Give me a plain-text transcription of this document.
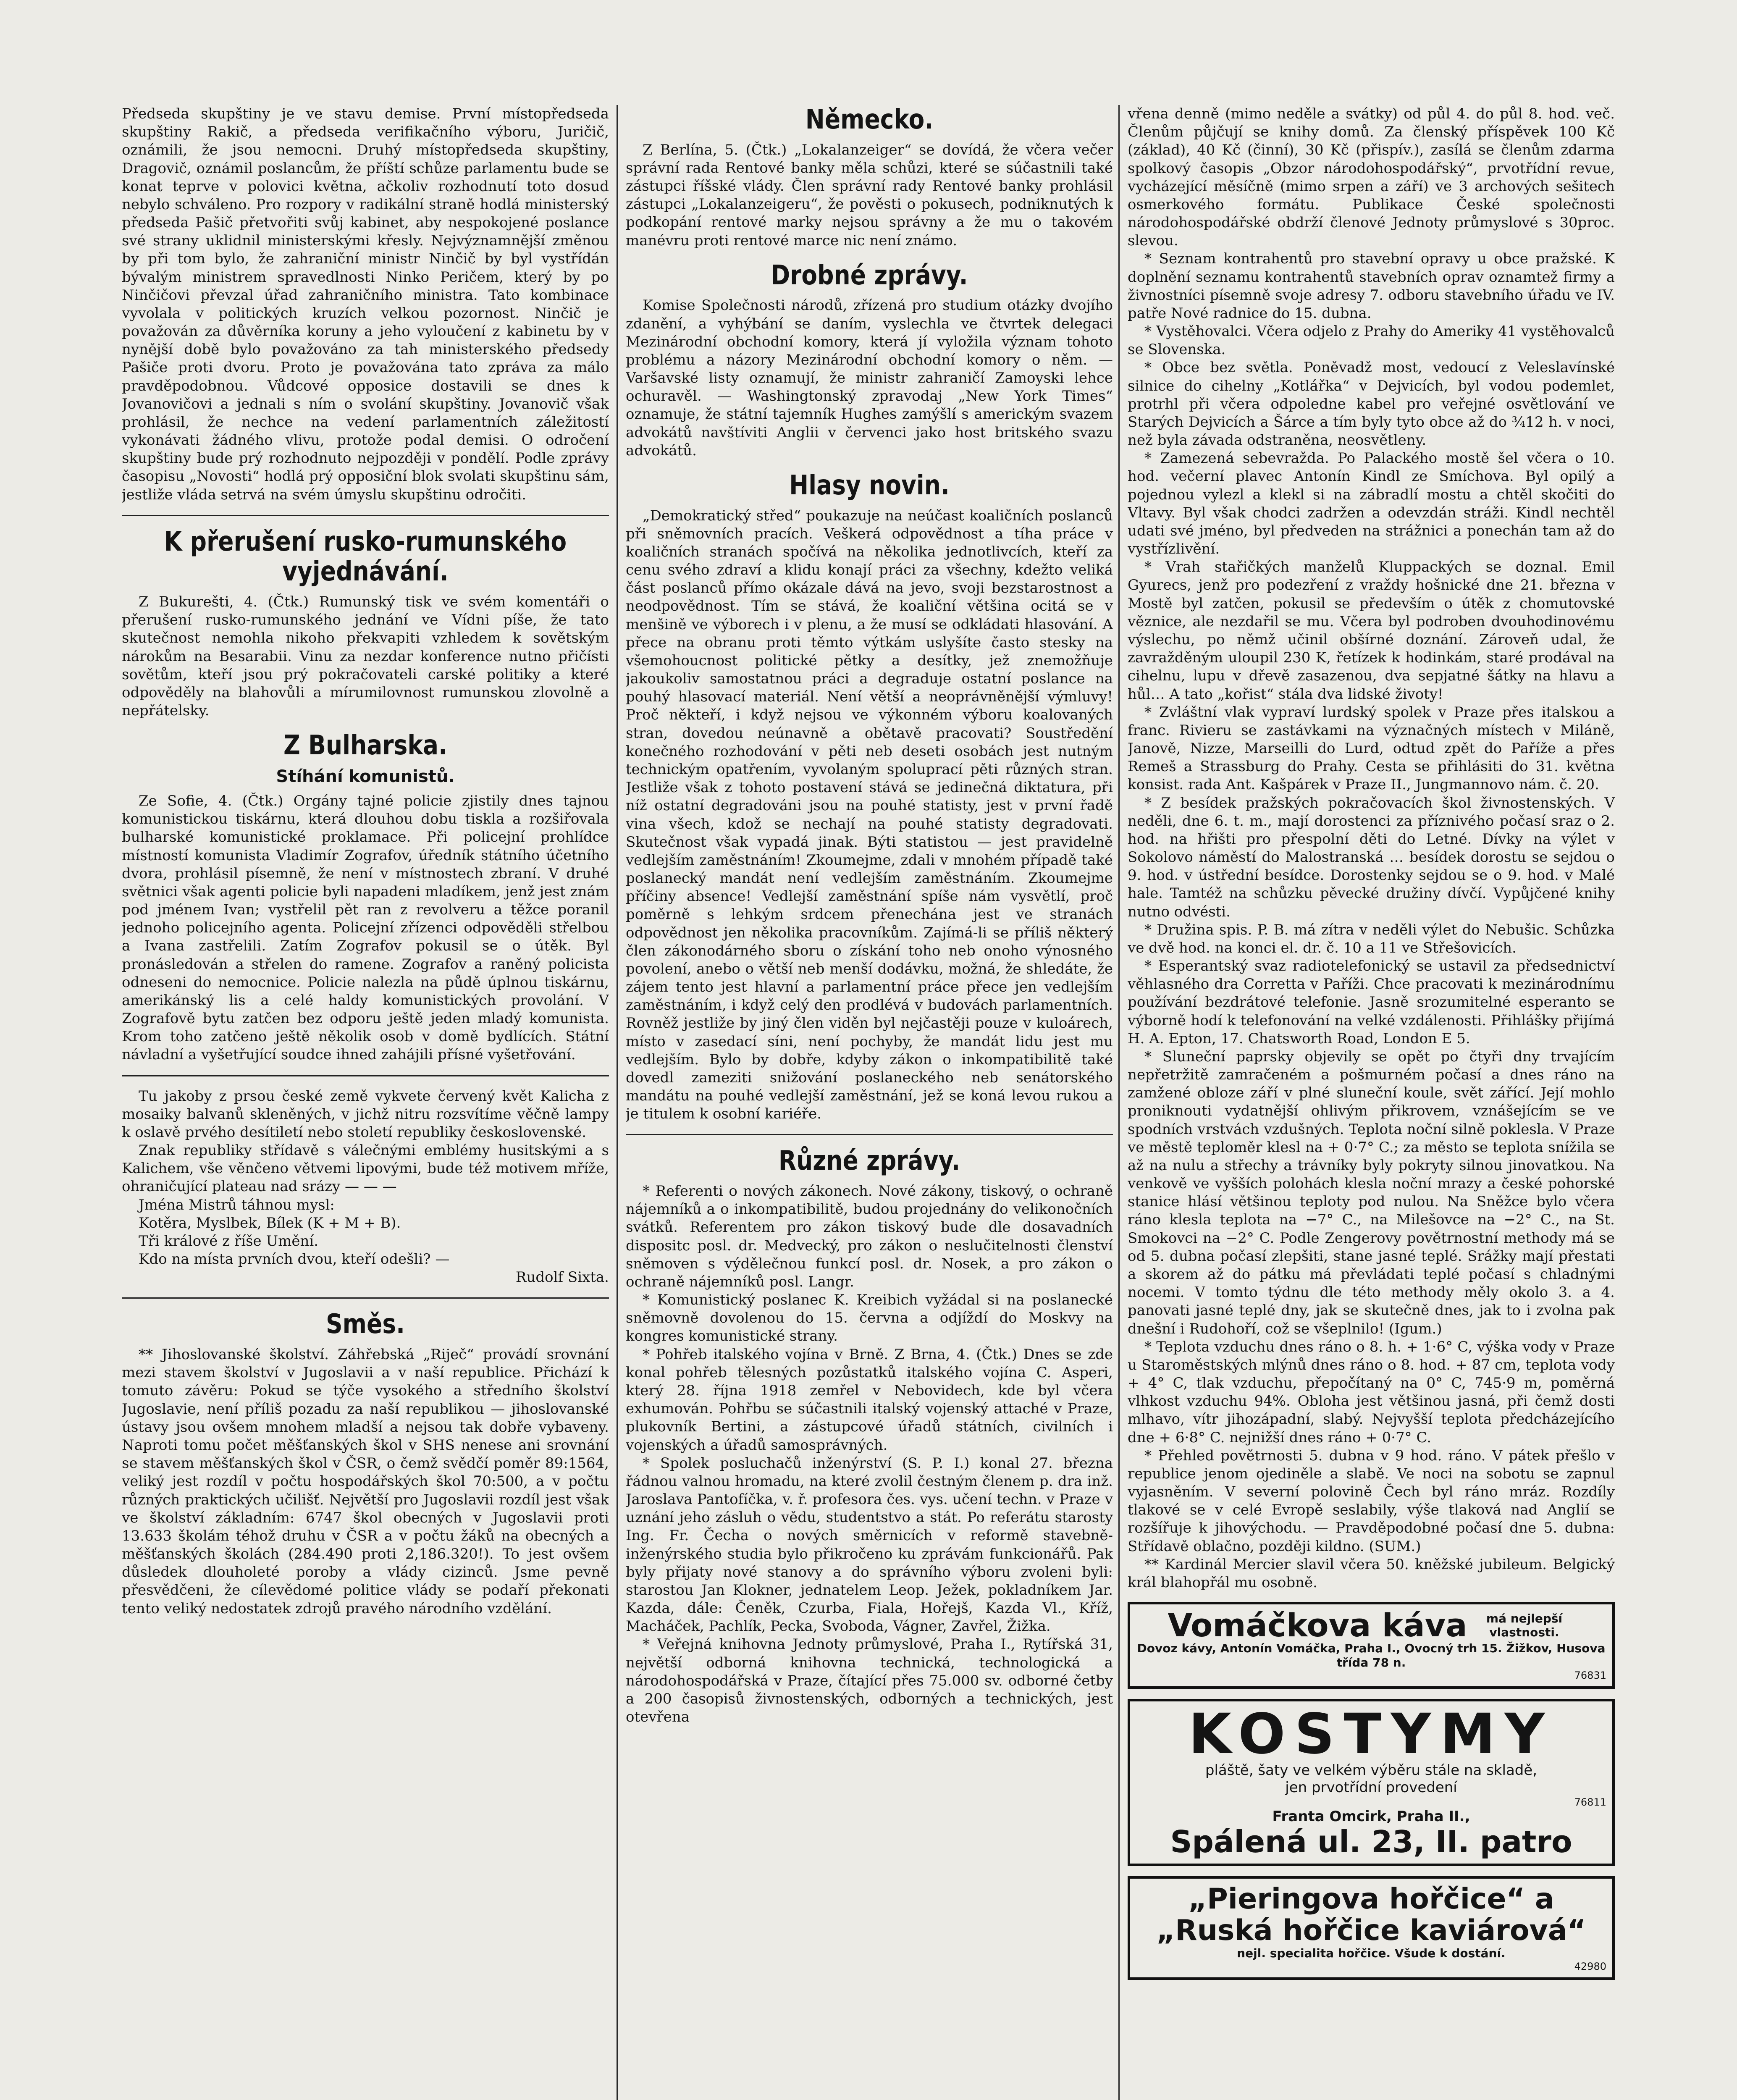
Předseda skupštiny je ve stavu demise. První místopředseda skupštiny Rakič, a předseda verifikačního výboru, Juričič, oznámili, že jsou nemocni. Druhý místopředseda skupštiny, Dragovič, oznámil poslancům, že příští schůze parlamentu bude se konat teprve v polovici května, ačkoliv rozhodnutí toto dosud nebylo schváleno. Pro rozpory v radikální straně hodlá ministerský předseda Pašič přetvořiti svůj kabinet, aby nespokojené poslance své strany uklidnil ministerskými křesly. Nejvýznamnější změnou by při tom bylo, že zahraniční ministr Ninčič by byl vystřídán bývalým ministrem spravedlnosti Ninko Peričem, který by po Ninčičovi převzal úřad zahraničního ministra. Tato kombinace vyvolala v politických kruzích velkou pozornost. Ninčič je považován za důvěrníka koruny a jeho vyloučení z kabinetu by v nynější době bylo považováno za tah ministerského předsedy Pašiče proti dvoru. Proto je považována tato zpráva za málo pravděpodobnou. Vůdcové opposice dostavili se dnes k Jovanovičovi a jednali s ním o svolání skupštiny. Jovanovič však prohlásil, že nechce na vedení parlamentních záležitostí vykonávati žádného vlivu, protože podal demisi. O odročení skupštiny bude prý rozhodnuto nejpozději v pondělí. Podle zprávy časopisu „Novosti“ hodlá prý opposiční blok svolati skupštinu sám, jestliže vláda setrvá na svém úmyslu skupštinu odročiti.

K přerušení rusko-rumunského vyjednávání.

Z Bukurešti, 4. (Čtk.) Rumunský tisk ve svém komentáři o přerušení rusko-rumunského jednání ve Vídni píše, že tato skutečnost nemohla nikoho překvapiti vzhledem k sovětským nárokům na Besarabii. Vinu za nezdar konference nutno přičísti sovětům, kteří jsou prý pokračovateli carské politiky a které odpověděly na blahovůli a mírumilovnost rumunskou zlovolně a nepřátelsky.

Z Bulharska.
Stíhání komunistů.

Ze Sofie, 4. (Čtk.) Orgány tajné policie zjistily dnes tajnou komunistickou tiskárnu, která dlouhou dobu tiskla a rozšiřovala bulharské komunistické proklamace. Při policejní prohlídce místností komunista Vladimír Zografov, úředník státního účetního dvora, prohlásil písemně, že není v místnostech zbraní. V druhé světnici však agenti policie byli napadeni mladíkem, jenž jest znám pod jménem Ivan; vystřelil pět ran z revolveru a těžce poranil jednoho policejního agenta. Policejní zřízenci odpověděli střelbou a Ivana zastřelili. Zatím Zografov pokusil se o útěk. Byl pronásledován a střelen do ramene. Zografov a raněný policista odneseni do nemocnice. Policie nalezla na půdě úplnou tiskárnu, amerikánský lis a celé haldy komunistických provolání. V Zografově bytu zatčen bez odporu ještě jeden mladý komunista. Krom toho zatčeno ještě několik osob v domě bydlících. Státní návladní a vyšetřující soudce ihned zahájili přísné vyšetřování.

Tu jakoby z prsou české země vykvete červený květ Kalicha z mosaiky balvanů skleněných, v jichž nitru rozsvítíme věčně lampy k oslavě prvého desítiletí nebo století republiky československé.

Znak republiky střídavě s válečnými emblémy husitskými a s Kalichem, vše věnčeno větvemi lipovými, bude též motivem mříže, ohraničující plateau nad srázy — — —

Jména Mistrů táhnou mysl:

Kotěra, Myslbek, Bílek (K + M + B).

Tři králové z říše Umění.

Kdo na místa prvních dvou, kteří odešli? —

Rudolf Sixta.

Směs.

** Jihoslovanské školství. Záhřebská „Riječ“ provádí srovnání mezi stavem školství v Jugoslavii a v naší republice. Přichází k tomuto závěru: Pokud se týče vysokého a středního školství Jugoslavie, není příliš pozadu za naší republikou — jihoslovanské ústavy jsou ovšem mnohem mladší a nejsou tak dobře vybaveny. Naproti tomu počet měšťanských škol v SHS nenese ani srovnání se stavem měšťanských škol v ČSR, o čemž svědčí poměr 89:1564, veliký jest rozdíl v počtu hospodářských škol 70:500, a v počtu různých praktických učilišť. Největší pro Jugoslavii rozdíl jest však ve školství základním: 6747 škol obecných v Jugoslavii proti 13.633 školám téhož druhu v ČSR a v počtu žáků na obecných a měšťanských školách (284.490 proti 2,186.320!). To jest ovšem důsledek dlouholeté poroby a vlády cizinců. Jsme pevně přesvědčeni, že cílevědomé politice vlády se podaří překonati tento veliký nedostatek zdrojů pravého národního vzdělání.

Německo.

Z Berlína, 5. (Čtk.) „Lokalanzeiger“ se dovídá, že včera večer správní rada Rentové banky měla schůzi, které se súčastnili také zástupci říšské vlády. Člen správní rady Rentové banky prohlásil zástupci „Lokalanzeigeru“, že pověsti o pokusech, podniknutých k podkopání rentové marky nejsou správny a že mu o takovém manévru proti rentové marce nic není známo.

Drobné zprávy.

Komise Společnosti národů, zřízená pro studium otázky dvojího zdanění, a vyhýbání se daním, vyslechla ve čtvrtek delegaci Mezinárodní obchodní komory, která jí vyložila význam tohoto problému a názory Mezinárodní obchodní komory o něm. — Varšavské listy oznamují, že ministr zahraničí Zamoyski lehce ochuravěl. — Washingtonský zpravodaj „New York Times“ oznamuje, že státní tajemník Hughes zamýšlí s americkým svazem advokátů navštíviti Anglii v červenci jako host britského svazu advokátů.

Hlasy novin.

„Demokratický střed“ poukazuje na neúčast koaličních poslanců při sněmovních pracích. Veškerá odpovědnost a tíha práce v koaličních stranách spočívá na několika jednotlivcích, kteří za cenu svého zdraví a klidu konají práci za všechny, kdežto veliká část poslanců přímo okázale dává na jevo, svoji bezstarostnost a neodpovědnost. Tím se stává, že koaliční většina ocitá se v menšině ve výborech i v plenu, a že musí se odkládati hlasování. A přece na obranu proti těmto výtkám uslyšíte často stesky na všemohoucnost politické pětky a desítky, jež znemožňuje jakoukoliv samostatnou práci a degraduje ostatní poslance na pouhý hlasovací materiál. Není větší a neoprávněnější výmluvy! Proč někteří, i když nejsou ve výkonném výboru koalovaných stran, dovedou neúnavně a obětavě pracovati? Soustředění konečného rozhodování v pěti neb deseti osobách jest nutným technickým opatřením, vyvolaným spoluprací pěti různých stran. Jestliže však z tohoto postavení stává se jedinečná diktatura, při níž ostatní degradováni jsou na pouhé statisty, jest v první řadě vina všech, kdož se nechají na pouhé statisty degradovati. Skutečnost však vypadá jinak. Býti statistou — jest pravidelně vedlejším zaměstnáním! Zkoumejme, zdali v mnohém případě také poslanecký mandát není vedlejším zaměstnáním. Zkoumejme příčiny absence! Vedlejší zaměstnání spíše nám vysvětlí, proč poměrně s lehkým srdcem přenechána jest ve stranách odpovědnost jen několika pracovníkům. Zajímá-li se příliš některý člen zákonodárného sboru o získání toho neb onoho výnosného povolení, anebo o větší neb menší dodávku, možná, že shledáte, že zájem tento jest hlavní a parlamentní práce přece jen vedlejším zaměstnáním, i když celý den prodlévá v budovách parlamentních. Rovněž jestliže by jiný člen viděn byl nejčastěji pouze v kuloárech, místo v zasedací síni, není pochyby, že mandát lidu jest mu vedlejším. Bylo by dobře, kdyby zákon o inkompatibilitě také dovedl zameziti snižování poslaneckého neb senátorského mandátu na pouhé vedlejší zaměstnání, jež se koná levou rukou a je titulem k osobní kariéře.

Různé zprávy.

* Referenti o nových zákonech. Nové zákony, tiskový, o ochraně nájemníků a o inkompatibilitě, budou projednány do velikonočních svátků. Referentem pro zákon tiskový bude dle dosavadních dispositc posl. dr. Medvecký, pro zákon o neslučitelnosti členství sněmoven s výdělečnou funkcí posl. dr. Nosek, a pro zákon o ochraně nájemníků posl. Langr.

* Komunistický poslanec K. Kreibich vyžádal si na poslanecké sněmovně dovolenou do 15. června a odjíždí do Moskvy na kongres komunistické strany.

* Pohřeb italského vojína v Brně. Z Brna, 4. (Čtk.) Dnes se zde konal pohřeb tělesných pozůstatků italského vojína C. Asperi, který 28. října 1918 zemřel v Nebovidech, kde byl včera exhumován. Pohřbu se súčastnili italský vojenský attaché v Praze, plukovník Bertini, a zástupcové úřadů státních, civilních i vojenských a úřadů samosprávných.

* Spolek posluchačů inženýrství (S. P. I.) konal 27. března řádnou valnou hromadu, na které zvolil čestným členem p. dra inž. Jaroslava Pantofíčka, v. ř. profesora čes. vys. učení techn. v Praze v uznání jeho zásluh o vědu, studentstvo a stát. Po referátu starosty Ing. Fr. Čecha o nových směrnicích v reformě stavebně-inženýrského studia bylo přikročeno ku zprávám funkcionářů. Pak byly přijaty nové stanovy a do správního výboru zvoleni byli: starostou Jan Klokner, jednatelem Leop. Ježek, pokladníkem Jar. Kazda, dále: Čeněk, Czurba, Fiala, Hořejš, Kazda Vl., Kříž, Macháček, Pachlík, Pecka, Svoboda, Vágner, Zavřel, Žižka.

* Veřejná knihovna Jednoty průmyslové, Praha I., Rytířská 31, největší odborná knihovna technická, technologická a národohospodářská v Praze, čítající přes 75.000 sv. odborné četby a 200 časopisů živnostenských, odborných a technických, jest otevřena

vřena denně (mimo neděle a svátky) od půl 4. do půl 8. hod. več. Členům půjčují se knihy domů. Za členský příspěvek 100 Kč (základ), 40 Kč (činní), 30 Kč (přispív.), zasílá se členům zdarma spolkový časopis „Obzor národohospodářský“, prvotřídní revue, vycházející měsíčně (mimo srpen a září) ve 3 archových sešitech osmerkového formátu. Publikace České společnosti národohospodářské obdrží členové Jednoty průmyslové s 30proc. slevou.

* Seznam kontrahentů pro stavební opravy u obce pražské. K doplnění seznamu kontrahentů stavebních oprav oznamtež firmy a živnostníci písemně svoje adresy 7. odboru stavebního úřadu ve IV. patře Nové radnice do 15. dubna.

* Vystěhovalci. Včera odjelo z Prahy do Ameriky 41 vystěhovalců se Slovenska.

* Obce bez světla. Poněvadž most, vedoucí z Veleslavínské silnice do cihelny „Kotlářka“ v Dejvicích, byl vodou podemlet, protrhl při včera odpoledne kabel pro veřejné osvětlování ve Starých Dejvicích a Šárce a tím byly tyto obce až do ¾12 h. v noci, než byla závada odstraněna, neosvětleny.

* Zamezená sebevražda. Po Palackého mostě šel včera o 10. hod. večerní plavec Antonín Kindl ze Smíchova. Byl opilý a pojednou vylezl a klekl si na zábradlí mostu a chtěl skočiti do Vltavy. Byl však chodci zadržen a odevzdán stráži. Kindl nechtěl udati své jméno, byl předveden na strážnici a ponechán tam až do vystřízlivění.

* Vrah stařičkých manželů Kluppackých se doznal. Emil Gyurecs, jenž pro podezření z vraždy hošnické dne 21. března v Mostě byl zatčen, pokusil se především o útěk z chomutovské věznice, ale nezdařil se mu. Včera byl podroben dvouhodinovému výslechu, po němž učinil obšírné doznání. Zároveň udal, že zavražděným uloupil 230 K, řetízek k hodinkám, staré prodával na cihelnu, lupu v dřevě zasazenou, dva sepjatné šátky na hlavu a hůl… A tato „kořist“ stála dva lidské životy!

* Zvláštní vlak vypraví lurdský spolek v Praze přes italskou a franc. Rivieru se zastávkami na význačných místech v Miláně, Janově, Nizze, Marseilli do Lurd, odtud zpět do Paříže a přes Remeš a Strassburg do Prahy. Cesta se přihlásiti do 31. května konsist. rada Ant. Kašpárek v Praze II., Jungmannovo nám. č. 20.

* Z besídek pražských pokračovacích škol živnostenských. V neděli, dne 6. t. m., mají dorostenci za příznivého počasí sraz o 2. hod. na hřišti pro přespolní děti do Letné. Dívky na výlet v Sokolovo náměstí do Malostranská … besídek dorostu se sejdou o 9. hod. v ústřední besídce. Dorostenky sejdou se o 9. hod. v Malé hale. Tamtéž na schůzku pěvecké družiny dívčí. Vypůjčené knihy nutno odvésti.

* Družina spis. P. B. má zítra v neděli výlet do Nebušic. Schůzka ve dvě hod. na konci el. dr. č. 10 a 11 ve Střešovicích.

* Esperantský svaz radiotelefonický se ustavil za předsednictví věhlasného dra Corretta v Paříži. Chce pracovati k mezinárodnímu používání bezdrátové telefonie. Jasně srozumitelné esperanto se výborně hodí k telefonování na velké vzdálenosti. Přihlášky přijímá H. A. Epton, 17. Chatsworth Road, London E 5.

* Sluneční paprsky objevily se opět po čtyři dny trvajícím nepřetržitě zamračeném a pošmurném počasí a dnes ráno na zamžené obloze září v plné sluneční koule, svět zářící. Její mohlo proniknouti vydatnější ohlivým přikrovem, vznášejícím se ve spodních vrstvách vzdušných. Teplota noční silně poklesla. V Praze ve městě teploměr klesl na + 0·7° C.; za město se teplota snížila se až na nulu a střechy a trávníky byly pokryty silnou jinovatkou. Na venkově ve vyšších polohách klesla noční mrazy a české pohorské stanice hlásí většinou teploty pod nulou. Na Sněžce bylo včera ráno klesla teplota na −7° C., na Milešovce na −2° C., na St. Smokovci na −2° C. Podle Zengerovy povětrnostní methody má se od 5. dubna počasí zlepšiti, stane jasné teplé. Srážky mají přestati a skorem až do pátku má převládati teplé počasí s chladnými nocemi. V tomto týdnu dle této methody měly okolo 3. a 4. panovati jasné teplé dny, jak se skutečně dnes, jak to i zvolna pak dnešní i Rudohoří, což se všeplnilo! (Igum.)

* Teplota vzduchu dnes ráno o 8. h. + 1·6° C, výška vody v Praze u Staroměstských mlýnů dnes ráno o 8. hod. + 87 cm, teplota vody + 4° C, tlak vzduchu, přepočítaný na 0° C, 745·9 m, poměrná vlhkost vzduchu 94%. Obloha jest většinou jasná, při čemž dosti mlhavo, vítr jihozápadní, slabý. Nejvyšší teplota předcházejícího dne + 6·8° C. nejnižší dnes ráno + 0·7° C.

* Přehled povětrnosti 5. dubna v 9 hod. ráno. V pátek přešlo v republice jenom ojediněle a slabě. Ve noci na sobotu se zapnul vyjasněním. V severní polovině Čech byl ráno mráz. Rozdíly tlakové se v celé Evropě seslabily, výše tlaková nad Anglií se rozšířuje k jihovýchodu. — Pravděpodobné počasí dne 5. dubna: Střídavě oblačno, později kildno. (SUM.)

** Kardinál Mercier slavil včera 50. kněžské jubileum. Belgický král blahopřál mu osobně.

Vomáčkova káva	má nejlepší vlastnosti.
Dovoz kávy, Antonín Vomáčka, Praha I., Ovocný trh 15. Žižkov, Husova třída 78 n.
76831
KOSTYMY
pláště, šaty ve velkém výběru stále na skladě,
jen prvotřídní provedení
76811
Franta Omcirk, Praha II.,
Spálená ul. 23, II. patro
„Pieringova hořčice“ a
„Ruská hořčice kaviárová“
nejl. specialita hořčice. Všude k dostání.
42980
